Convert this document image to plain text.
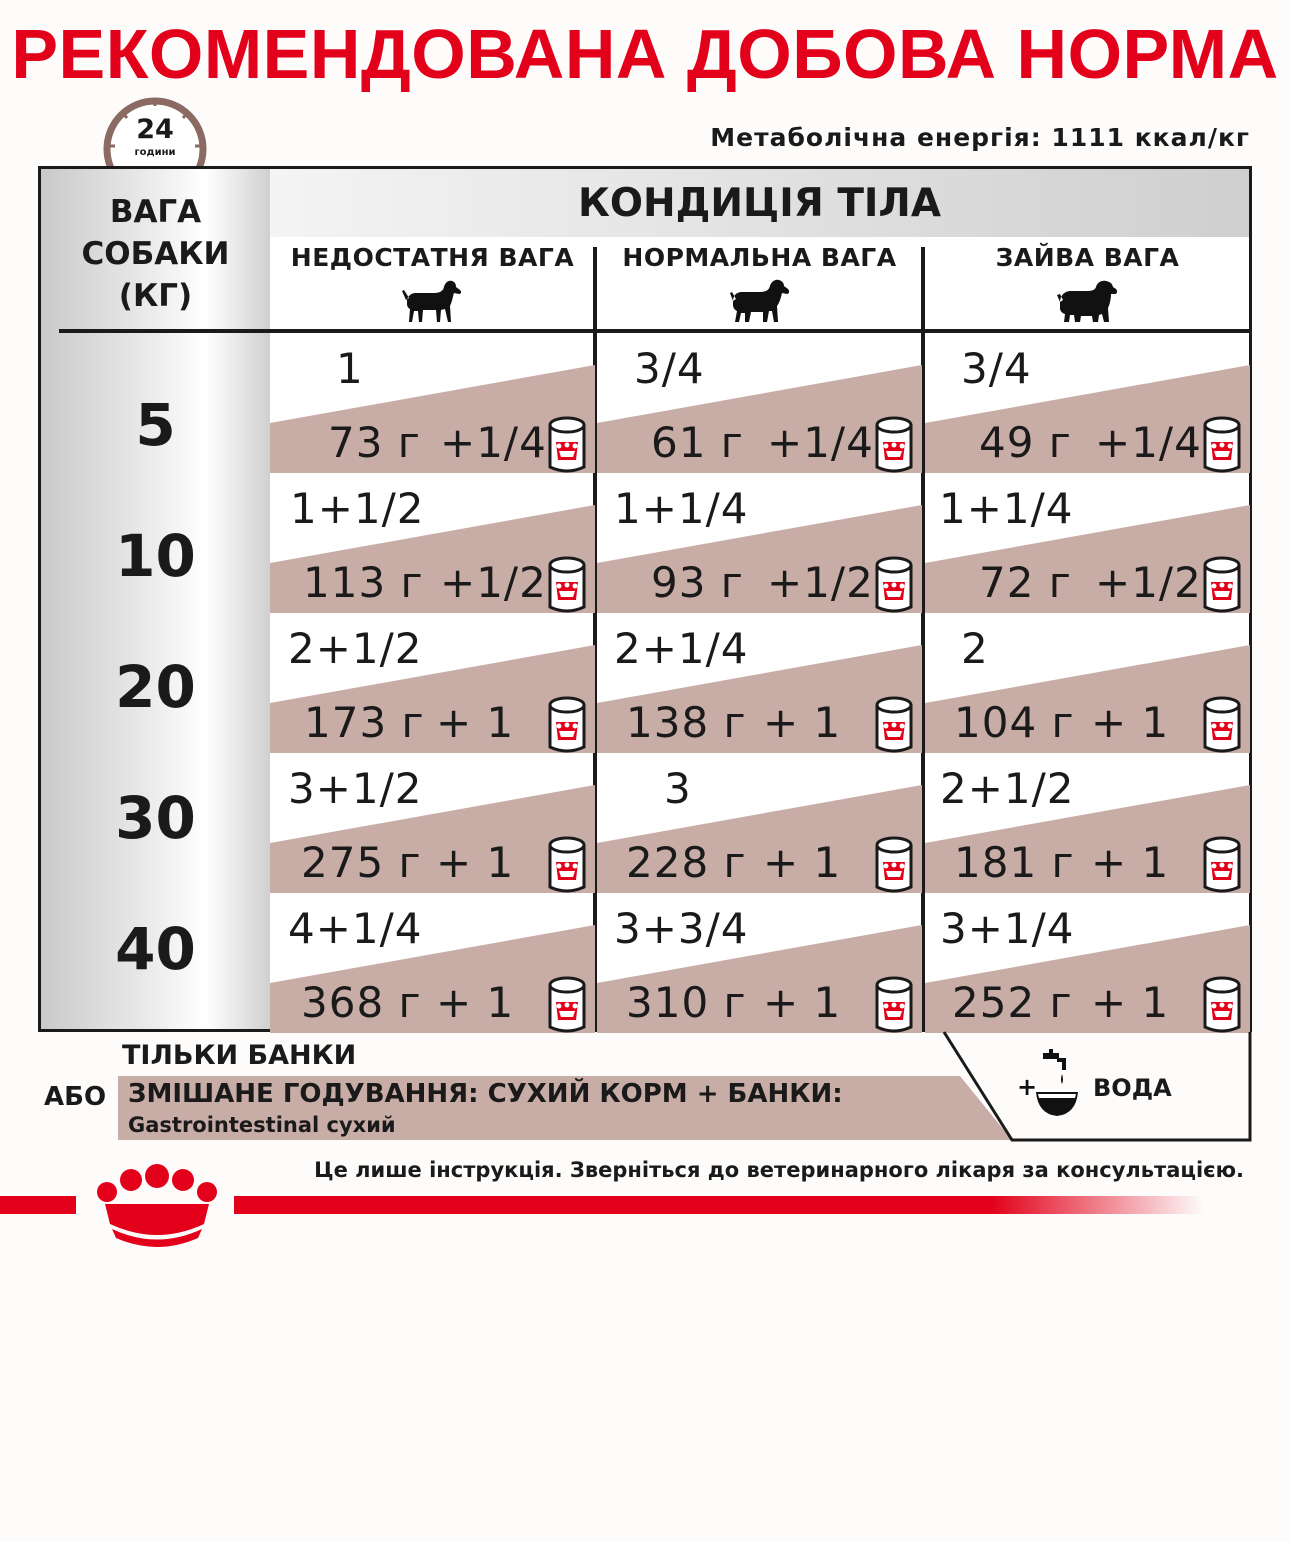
РЕКОМЕНДОВАНА ДОБОВА НОРМА
24
години
Метаболічна енергія: 1111 ккал/кг
КОНДИЦІЯ ТІЛА
ВАГА
СОБАКИ
(КГ)
НЕДОСТАТНЯ ВАГА	НОРМАЛЬНА ВАГА	ЗАЙВА ВАГА
5
10
20
30
40
1
73 г +1/4
3/4
61 г +1/4
3/4
49 г +1/4
1+1/2
113 г +1/2
1+1/4
93 г +1/2
1+1/4
72 г +1/2
2+1/2
173 г + 1
2+1/4
138 г + 1
2
104 г + 1
3+1/2
275 г + 1
3
228 г + 1
2+1/2
181 г + 1
4+1/4
368 г + 1
3+3/4
310 г + 1
3+1/4
252 г + 1
+
ТІЛЬКИ БАНКИ
АБО ЗМІШАНЕ ГОДУВАННЯ: СУХИЙ КОРМ + БАНКИ:
Gastrointestinal сухий
ВОДА
Це лише інструкція. Зверніться до ветеринарного лікаря за консультацією.
